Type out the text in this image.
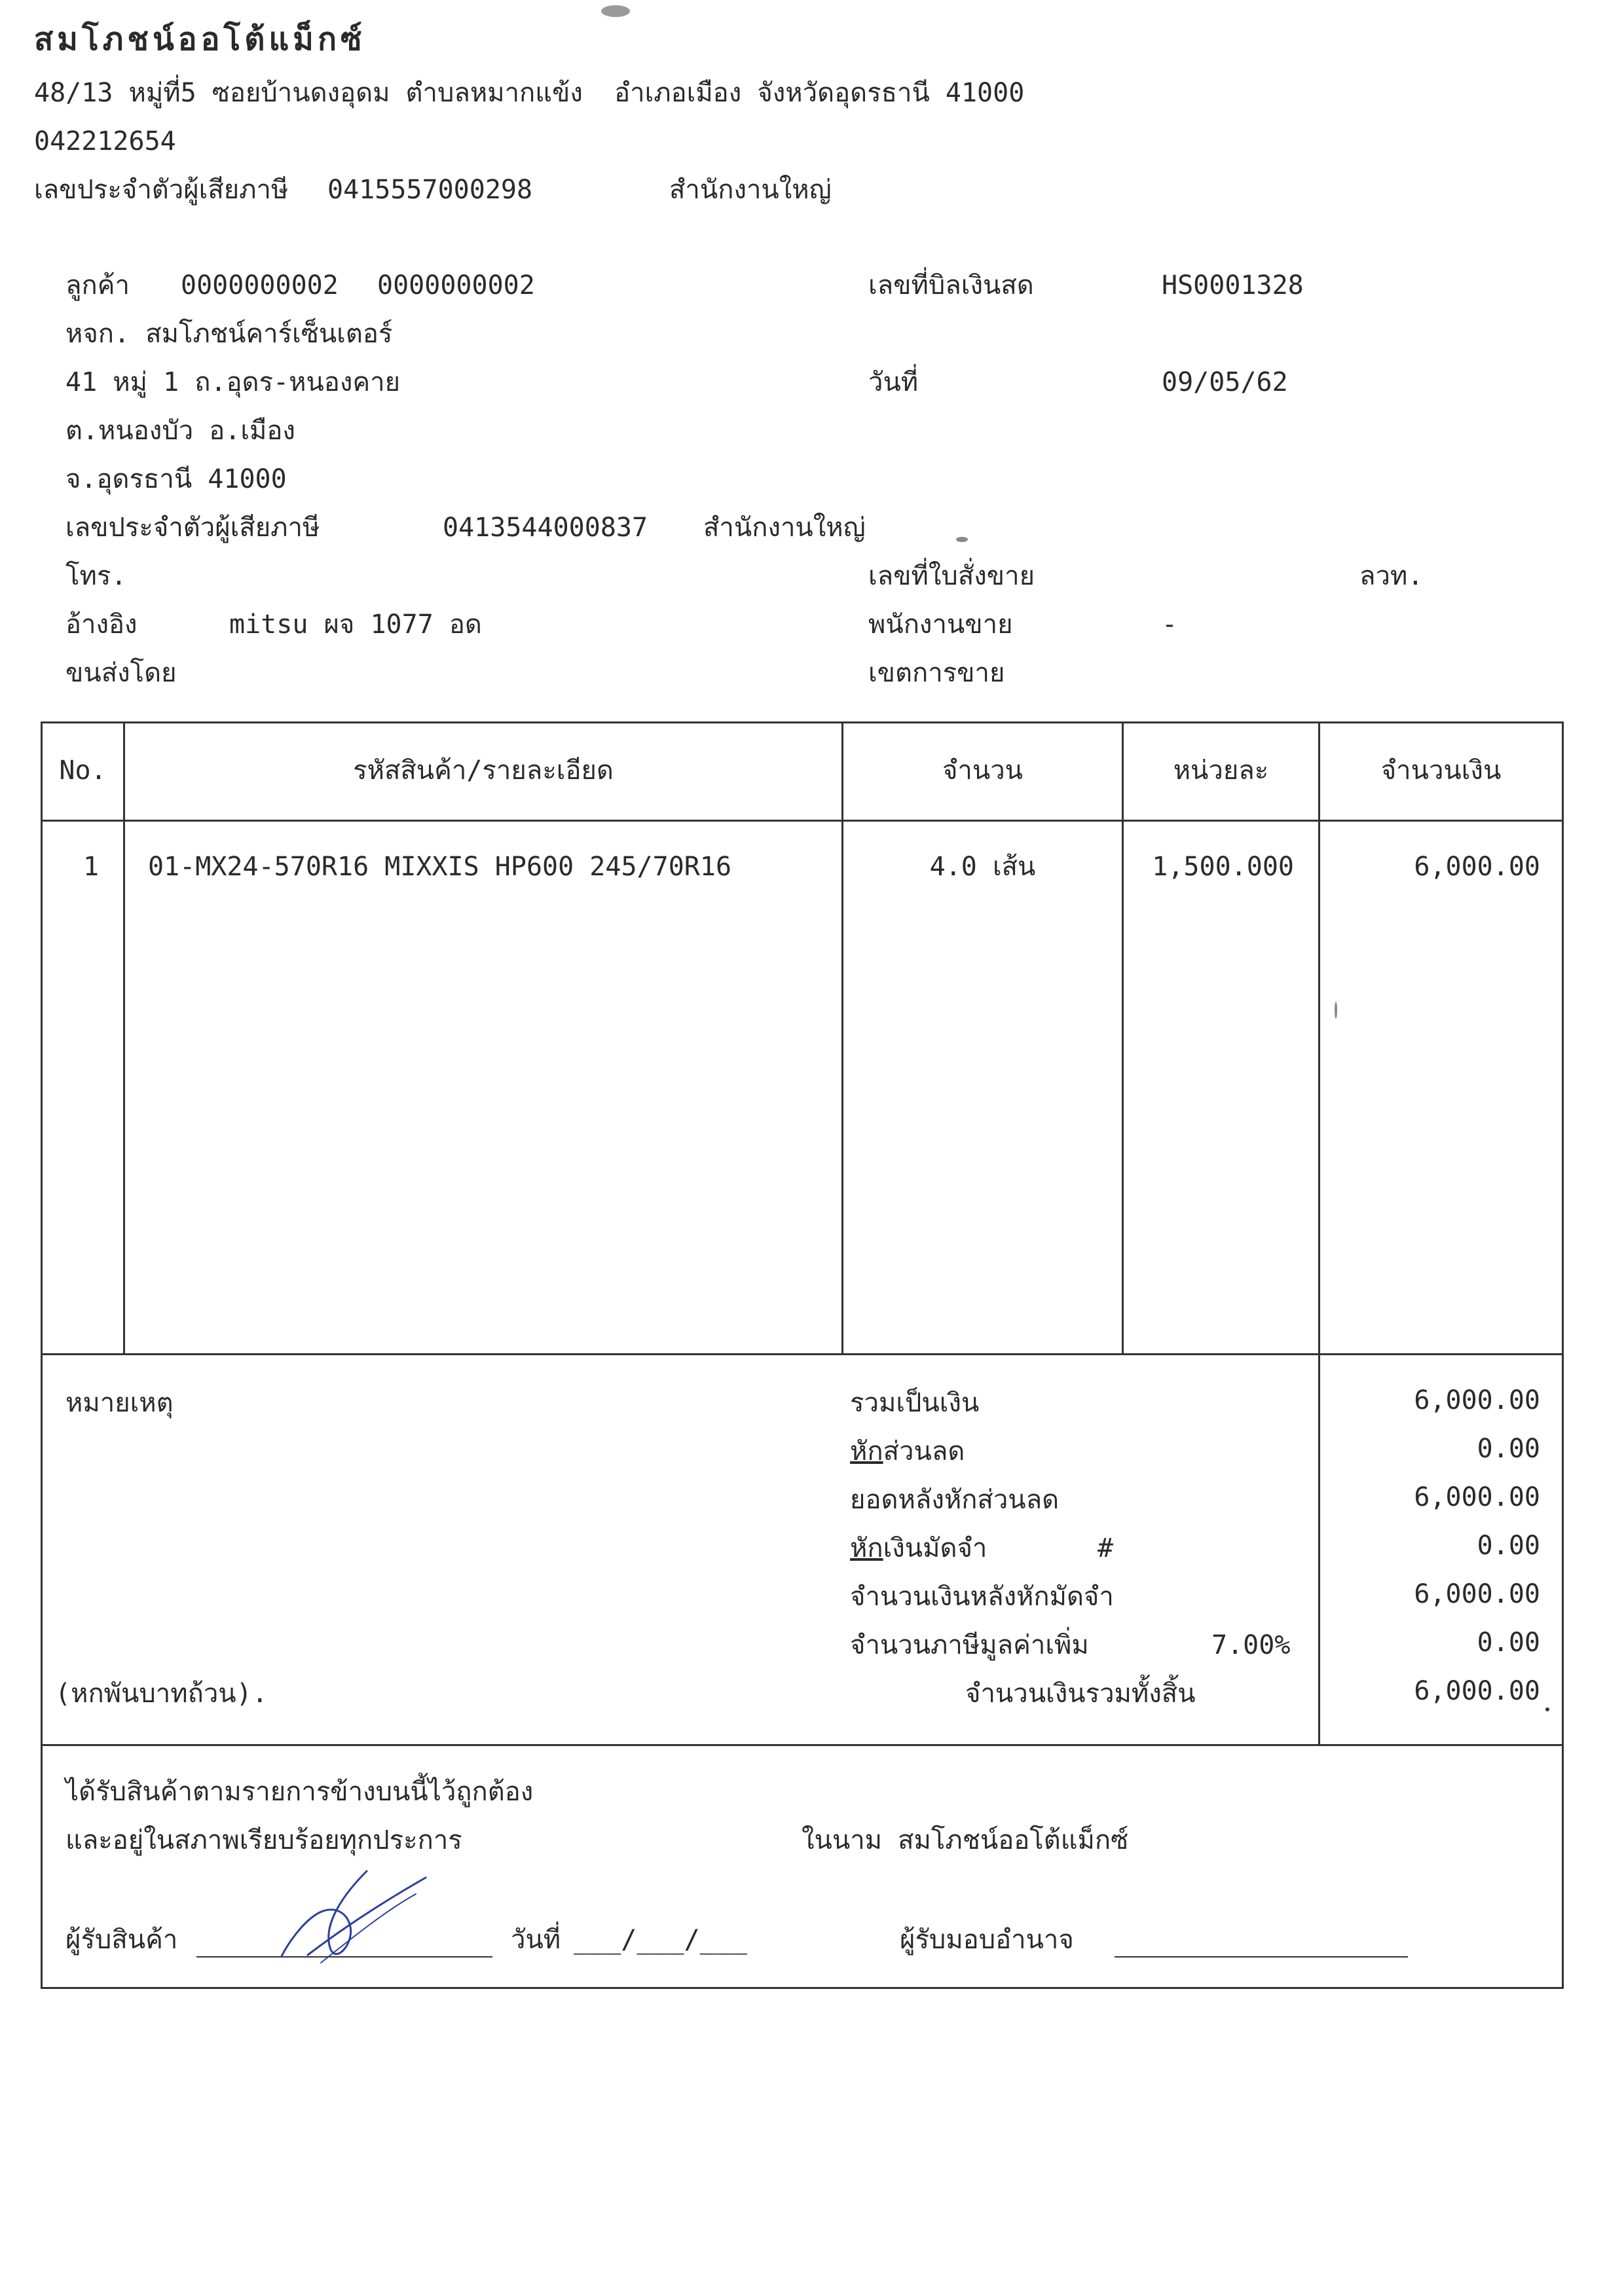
สมโภชน์ออโต้แม็กซ์
48/13 หมู่ที่5 ซอยบ้านดงอุดม ตำบลหมากแข้ง  อำเภอเมือง จังหวัดอุดรธานี 41000
042212654
เลขประจำตัวผู้เสียภาษี 0415557000298	สำนักงานใหญ่
ลูกค้า 0000000002 0000000002
หจก. สมโภชน์คาร์เซ็นเตอร์
41 หมู่ 1 ถ.อุดร-หนองคาย
ต.หนองบัว อ.เมือง
จ.อุดรธานี 41000
เลขประจำตัวผู้เสียภาษี	0413544000837 สำนักงานใหญ่
โทร.
อ้างอิง	mitsu ผจ 1077 อด
ขนส่งโดย
เลขที่บิลเงินสด	HS0001328
วันที่	09/05/62
เลขที่ใบสั่งขาย	ลวท.
พนักงานขาย	-
เขตการขาย
No.	รหัสสินค้า/รายละเอียด	จำนวน	หน่วยละ	จำนวนเงิน
1	01-MX24-570R16 MIXXIS HP600 245/70R16	4.0 เส้น	1,500.000	6,000.00
หมายเหตุ	รวมเป็นเงิน	6,000.00
หักส่วนลด	0.00
ยอดหลังหักส่วนลด	6,000.00
หักเงินมัดจำ	#	0.00
จำนวนเงินหลังหักมัดจำ	6,000.00
จำนวนภาษีมูลค่าเพิ่ม	7.00%	0.00
(หกพันบาทถ้วน).	จำนวนเงินรวมทั้งสิ้น	6,000.00
ได้รับสินค้าตามรายการข้างบนนี้ไว้ถูกต้อง
และอยู่ในสภาพเรียบร้อยทุกประการ	ในนาม สมโภชน์ออโต้แม็กซ์
ผู้รับสินค้า	วันที่ ___/___/___	ผู้รับมอบอำนาจ
